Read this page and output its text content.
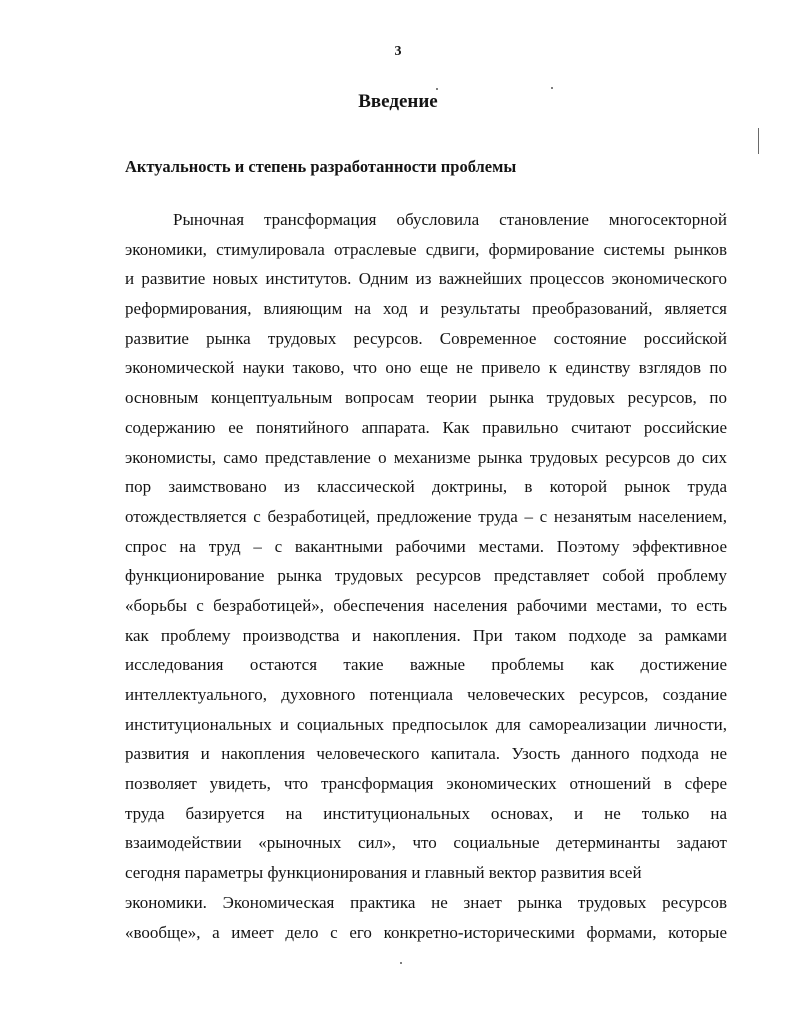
3
Введение
Актуальность и степень разработанности проблемы

Рыночная трансформация обусловила становление многосекторной
экономики, стимулировала отраслевые сдвиги, формирование системы рынков
и развитие новых институтов. Одним из важнейших процессов экономического
реформирования, влияющим на ход и результаты преобразований, является
развитие рынка трудовых ресурсов. Современное состояние российской
экономической науки таково, что оно еще не привело к единству взглядов по
основным концептуальным вопросам теории рынка трудовых ресурсов, по
содержанию ее понятийного аппарата. Как правильно считают российские
экономисты, само представление о механизме рынка трудовых ресурсов до сих
пор заимствовано из классической доктрины, в которой рынок труда
отождествляется с безработицей, предложение труда – с незанятым населением,
спрос на труд – с вакантными рабочими местами. Поэтому эффективное
функционирование рынка трудовых ресурсов представляет собой проблему
«борьбы с безработицей», обеспечения населения рабочими местами, то есть
как проблему производства и накопления. При таком подходе за рамками
исследования остаются такие важные проблемы как достижение
интеллектуального, духовного потенциала человеческих ресурсов, создание
институциональных и социальных предпосылок для самореализации личности,
развития и накопления человеческого капитала. Узость данного подхода не
позволяет увидеть, что трансформация экономических отношений в сфере
труда базируется на институциональных основах, и не только на
взаимодействии «рыночных сил», что социальные детерминанты задают
сегодня параметры функционирования и главный вектор развития всей
экономики. Экономическая практика не знает рынка трудовых ресурсов
«вообще», а имеет дело с его конкретно-историческими формами, которые
